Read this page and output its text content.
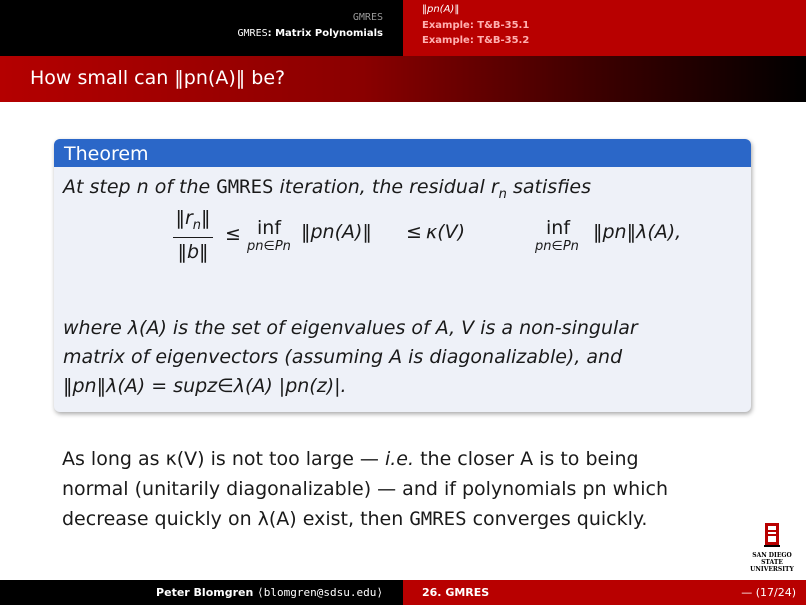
GMRES
GMRES: Matrix Polynomials
‖pn(A)‖
Example: T&B-35.1
Example: T&B-35.2
How small can ‖pn(A)‖ be?
Theorem
At step n of the GMRES iteration, the residual $r_n$ satisfies
$‖r_n‖$
‖b‖
≤ inf
pn∈Pn
‖pn(A)‖ ≤ κ(V)	inf
pn∈Pn
‖pn‖λ(A),
where λ(A) is the set of eigenvalues of A, V is a non-singular
matrix of eigenvectors (assuming A is diagonalizable), and
‖pn‖λ(A) = supz∈λ(A) |pn(z)|.
As long as κ(V) is not too large — i.e. the closer A is to being
normal (unitarily diagonalizable) — and if polynomials pn which
decrease quickly on λ(A) exist, then GMRES converges quickly.
SAN DIEGO STATE
UNIVERSITY
Peter Blomgren ⟨blomgren@sdsu.edu⟩	26. GMRES	— (17/24)
